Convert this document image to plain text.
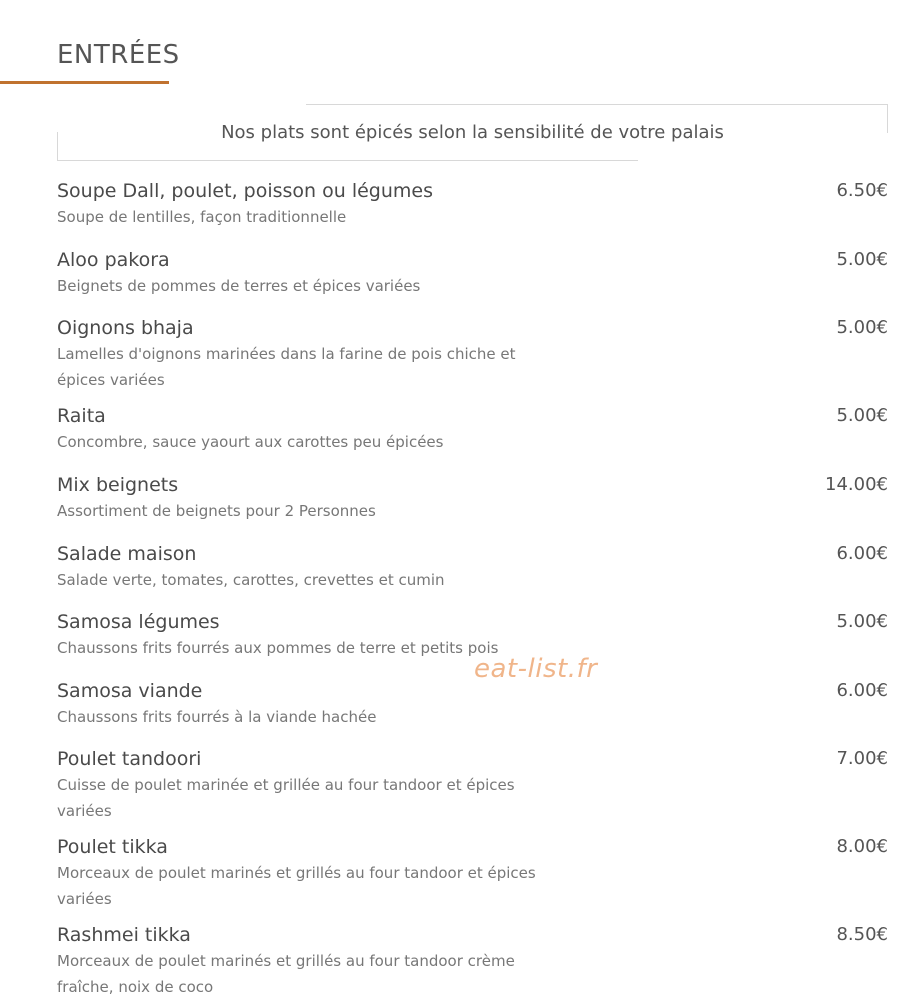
ENTRÉES
Nos plats sont épicés selon la sensibilité de votre palais
Soupe Dall, poulet, poisson ou légumes
Soupe de lentilles, façon traditionnelle
6.50€
Aloo pakora
Beignets de pommes de terres et épices variées
5.00€
Oignons bhaja
Lamelles d'oignons marinées dans la farine de pois chiche et épices variées
5.00€
Raita
Concombre, sauce yaourt aux carottes peu épicées
5.00€
Mix beignets
Assortiment de beignets pour 2 Personnes
14.00€
Salade maison
Salade verte, tomates, carottes, crevettes et cumin
6.00€
Samosa légumes
Chaussons frits fourrés aux pommes de terre et petits pois
5.00€
Samosa viande
Chaussons frits fourrés à la viande hachée
6.00€
Poulet tandoori
Cuisse de poulet marinée et grillée au four tandoor et épices variées
7.00€
Poulet tikka
Morceaux de poulet marinés et grillés au four tandoor et épices variées
8.00€
Rashmei tikka
Morceaux de poulet marinés et grillés au four tandoor crème fraîche, noix de coco
8.50€
eat-list.fr
